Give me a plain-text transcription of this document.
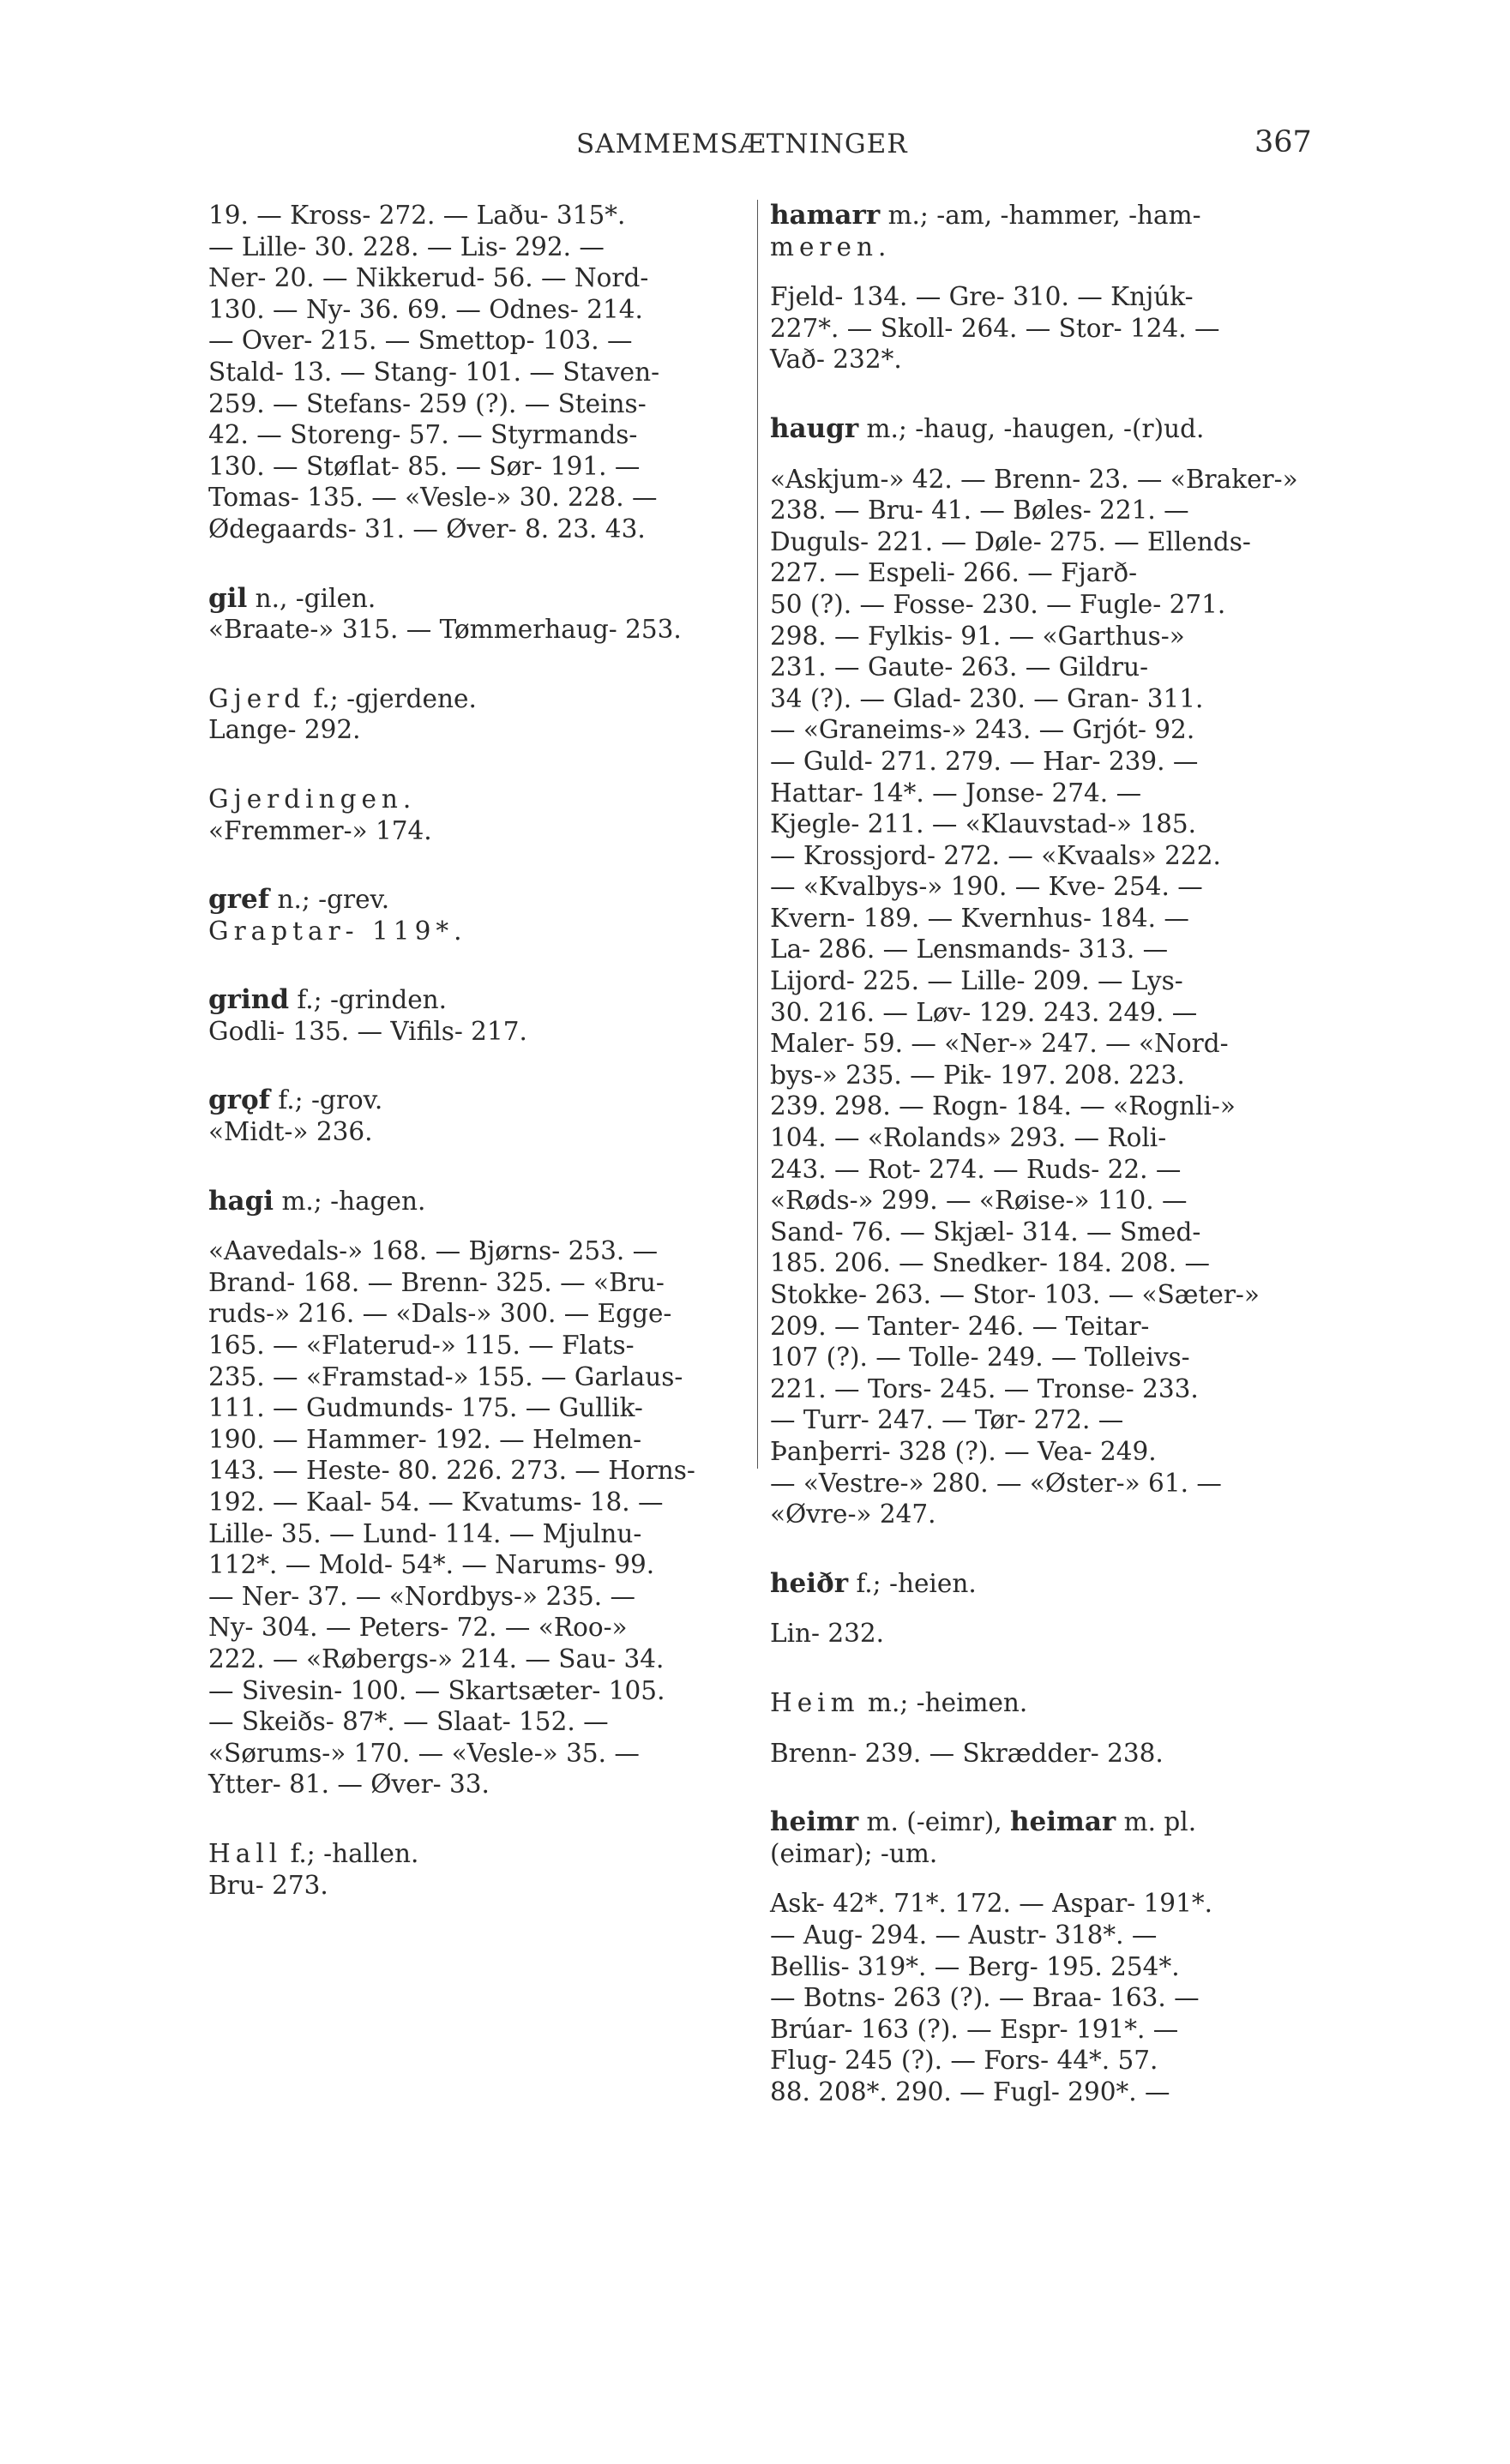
SAMMEMSÆTNINGER	367
19. — Kross- 272. — Laðu- 315*.
— Lille- 30. 228. — Lis- 292. —
Ner- 20. — Nikkerud- 56. — Nord-
130. — Ny- 36. 69. — Odnes- 214.
— Over- 215. — Smettop- 103. —
Stald- 13. — Stang- 101. — Staven-
259. — Stefans- 259 (?). — Steins-
42. — Storeng- 57. — Styrmands-
130. — Støflat- 85. — Sør- 191. —
Tomas- 135. — «Vesle-» 30. 228. —
Ødegaards- 31. — Øver- 8. 23. 43.
gil n., -gilen.
«Braate-» 315. — Tømmerhaug- 253.
Gjerd f.; -gjerdene.
Lange- 292.
Gjerdingen.
«Fremmer-» 174.
gref n.; -grev.
Graptar- 119*.
grind f.; -grinden.
Godli- 135. — Vifils- 217.
grǫf f.; -grov.
«Midt-» 236.
hagi m.; -hagen.
«Aavedals-» 168. — Bjørns- 253. —
Brand- 168. — Brenn- 325. — «Bru-
ruds-» 216. — «Dals-» 300. — Egge-
165. — «Flaterud-» 115. — Flats-
235. — «Framstad-» 155. — Garlaus-
111. — Gudmunds- 175. — Gullik-
190. — Hammer- 192. — Helmen-
143. — Heste- 80. 226. 273. — Horns-
192. — Kaal- 54. — Kvatums- 18. —
Lille- 35. — Lund- 114. — Mjulnu-
112*. — Mold- 54*. — Narums- 99.
— Ner- 37. — «Nordbys-» 235. —
Ny- 304. — Peters- 72. — «Roo-»
222. — «Røbergs-» 214. — Sau- 34.
— Sivesin- 100. — Skartsæter- 105.
— Skeiðs- 87*. — Slaat- 152. —
«Sørums-» 170. — «Vesle-» 35. —
Ytter- 81. — Øver- 33.
Hall f.; -hallen.
Bru- 273.
hamarr m.; -am, -hammer, -ham-
meren.
Fjeld- 134. — Gre- 310. — Knjúk-
227*. — Skoll- 264. — Stor- 124. —
Vað- 232*.
haugr m.; -haug, -haugen, -(r)ud.
«Askjum-» 42. — Brenn- 23. — «Braker-»
238. — Bru- 41. — Bøles- 221. —
Duguls- 221. — Døle- 275. — Ellends-
227. — Espeli- 266. — Fjarð-
50 (?). — Fosse- 230. — Fugle- 271.
298. — Fylkis- 91. — «Garthus-»
231. — Gaute- 263. — Gildru-
34 (?). — Glad- 230. — Gran- 311.
— «Graneims-» 243. — Grjót- 92.
— Guld- 271. 279. — Har- 239. —
Hattar- 14*. — Jonse- 274. —
Kjegle- 211. — «Klauvstad-» 185.
— Krossjord- 272. — «Kvaals» 222.
— «Kvalbys-» 190. — Kve- 254. —
Kvern- 189. — Kvernhus- 184. —
La- 286. — Lensmands- 313. —
Lijord- 225. — Lille- 209. — Lys-
30. 216. — Løv- 129. 243. 249. —
Maler- 59. — «Ner-» 247. — «Nord-
bys-» 235. — Pik- 197. 208. 223.
239. 298. — Rogn- 184. — «Rognli-»
104. — «Rolands» 293. — Roli-
243. — Rot- 274. — Ruds- 22. —
«Røds-» 299. — «Røise-» 110. —
Sand- 76. — Skjæl- 314. — Smed-
185. 206. — Snedker- 184. 208. —
Stokke- 263. — Stor- 103. — «Sæter-»
209. — Tanter- 246. — Teitar-
107 (?). — Tolle- 249. — Tolleivs-
221. — Tors- 245. — Tronse- 233.
— Turr- 247. — Tør- 272. —
Þanþerri- 328 (?). — Vea- 249.
— «Vestre-» 280. — «Øster-» 61. —
«Øvre-» 247.
heiðr f.; -heien.
Lin- 232.
Heim m.; -heimen.
Brenn- 239. — Skrædder- 238.
heimr m. (-eimr), heimar m. pl.
(eimar); -um.
Ask- 42*. 71*. 172. — Aspar- 191*.
— Aug- 294. — Austr- 318*. —
Bellis- 319*. — Berg- 195. 254*.
— Botns- 263 (?). — Braa- 163. —
Brúar- 163 (?). — Espr- 191*. —
Flug- 245 (?). — Fors- 44*. 57.
88. 208*. 290. — Fugl- 290*. —
